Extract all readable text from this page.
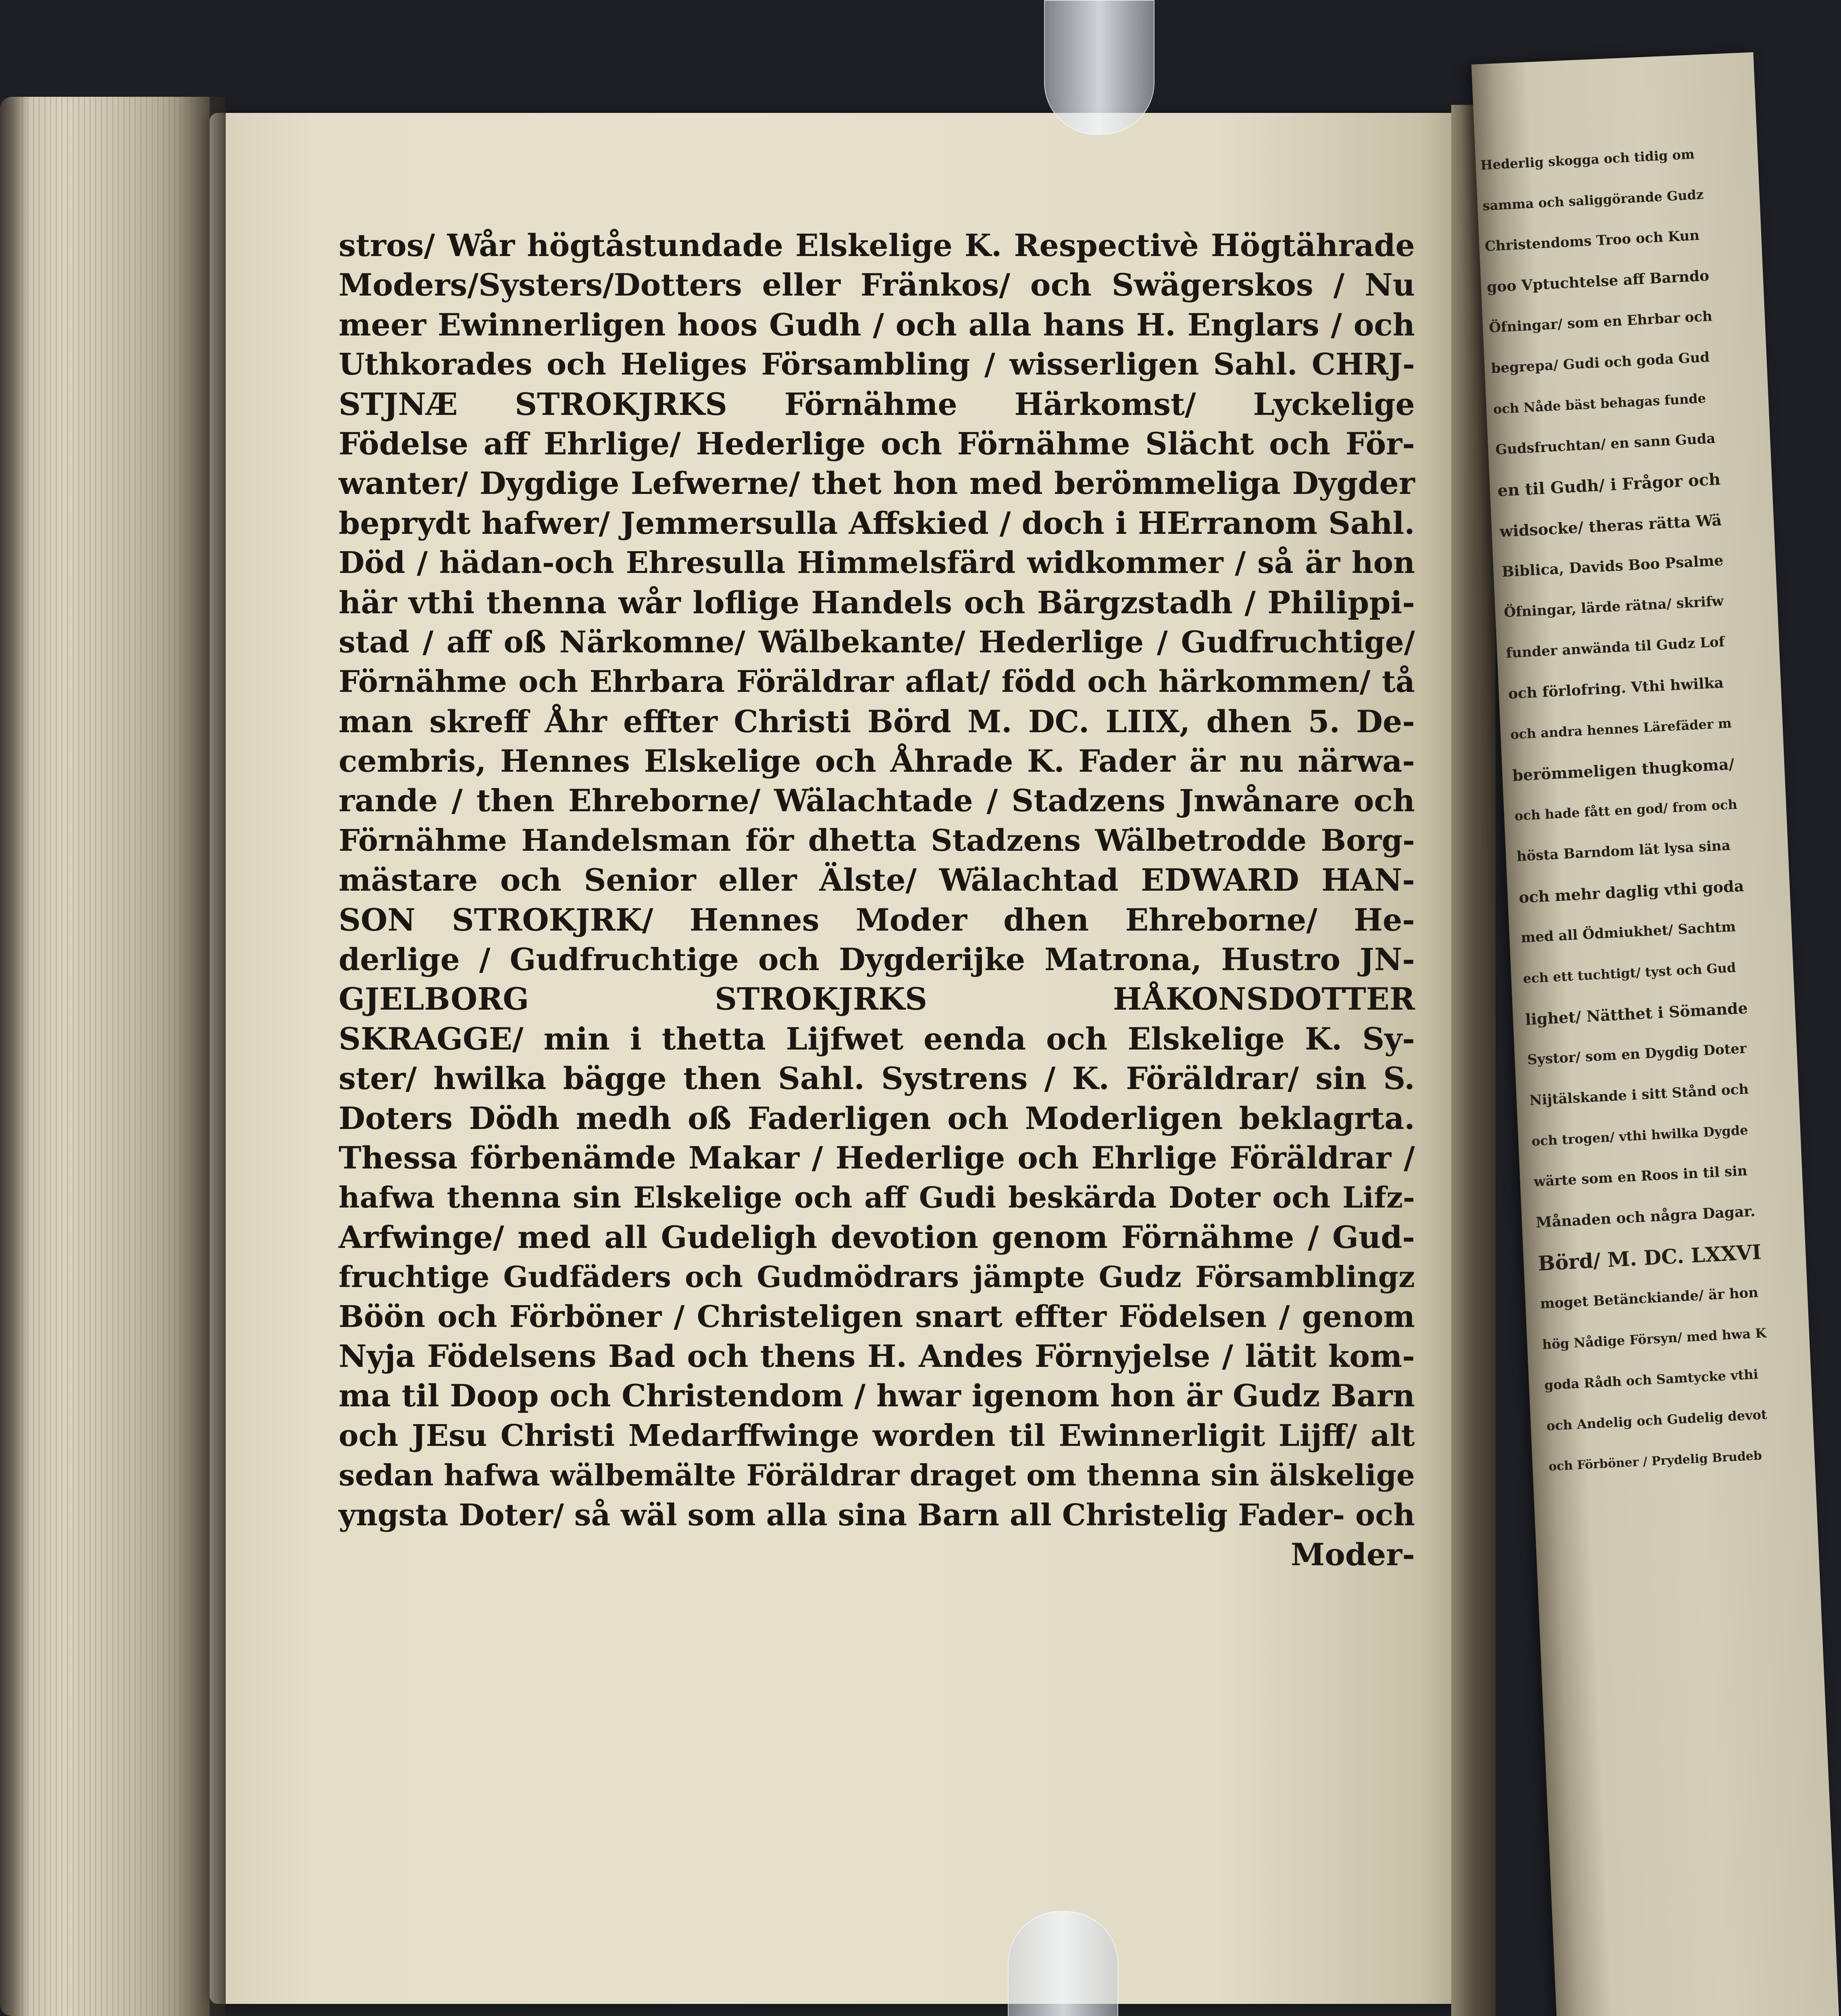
stros/ Wår högtåstundade Elskelige K. Respectivè Högtährade
Moders/Systers/Dotters eller Fränkos/ och Swägerskos / Nu
meer Ewinnerligen hoos Gudh / och alla hans H. Englars / och
Uthkorades och Heliges Försambling / wisserligen Sahl. CHRJ-
STJNÆ STROKJRKS Förnähme Härkomst/ Lyckelige
Födelse aff Ehrlige/ Hederlige och Förnähme Slächt och För-
wanter/ Dygdige Lefwerne/ thet hon med berömmeliga Dygder
beprydt hafwer/ Jemmersulla Affskied / doch i HErranom Sahl.
Död / hädan-och Ehresulla Himmelsfärd widkommer / så är hon
här vthi thenna wår loflige Handels och Bärgzstadh / Philippi-
stad / aff oß Närkomne/ Wälbekante/ Hederlige / Gudfruchtige/
Förnähme och Ehrbara Föräldrar aflat/ född och härkommen/ tå
man skreff Åhr effter Christi Börd M. DC. LIIX, dhen 5. De-
cembris, Hennes Elskelige och Åhrade K. Fader är nu närwa-
rande / then Ehreborne/ Wälachtade / Stadzens Jnwånare och
Förnähme Handelsman för dhetta Stadzens Wälbetrodde Borg-
mästare och Senior eller Älste/ Wälachtad EDWARD HAN-
SON STROKJRK/ Hennes Moder dhen Ehreborne/ He-
derlige / Gudfruchtige och Dygderijke Matrona, Hustro JN-
GJELBORG STROKJRKS HÅKONSDOTTER
SKRAGGE/ min i thetta Lijfwet eenda och Elskelige K. Sy-
ster/ hwilka bägge then Sahl. Systrens / K. Föräldrar/ sin S.
Doters Dödh medh oß Faderligen och Moderligen beklagrta.
Thessa förbenämde Makar / Hederlige och Ehrlige Föräldrar /
hafwa thenna sin Elskelige och aff Gudi beskärda Doter och Lifz-
Arfwinge/ med all Gudeligh devotion genom Förnähme / Gud-
fruchtige Gudfäders och Gudmödrars jämpte Gudz Församblingz
Böön och Förböner / Christeligen snart effter Födelsen / genom
Nyja Födelsens Bad och thens H. Andes Förnyjelse / lätit kom-
ma til Doop och Christendom / hwar igenom hon är Gudz Barn
och JEsu Christi Medarffwinge worden til Ewinnerligit Lijff/ alt
sedan hafwa wälbemälte Föräldrar draget om thenna sin älskelige
yngsta Doter/ så wäl som alla sina Barn all Christelig Fader- och
Moder-
Hederlig skogga och tidig om
samma och saliggörande Gudz
Christendoms Troo och Kun
goo Vptuchtelse aff Barndo
Öfningar/ som en Ehrbar och
begrepa/ Gudi och goda Gud
och Nåde bäst behagas funde
Gudsfruchtan/ en sann Guda
en til Gudh/ i Frågor och
widsocke/ theras rätta Wä
Biblica, Davids Boo Psalme
Öfningar, lärde rätna/ skrifw
funder anwända til Gudz Lof
och förlofring. Vthi hwilka
och andra hennes Lärefäder m
berömmeligen thugkoma/
och hade fått en god/ from och
hösta Barndom lät lysa sina
och mehr daglig vthi goda
med all Ödmiukhet/ Sachtm
ech ett tuchtigt/ tyst och Gud
lighet/ Nätthet i Sömande
Systor/ som en Dygdig Doter
Nijtälskande i sitt Stånd och
och trogen/ vthi hwilka Dygde
wärte som en Roos in til sin
Månaden och några Dagar.
Börd/ M. DC. LXXVI
moget Betänckiande/ är hon
hög Nådige Försyn/ med hwa K
goda Rådh och Samtycke vthi
och Andelig och Gudelig devot
och Förböner / Prydelig Brudeb
